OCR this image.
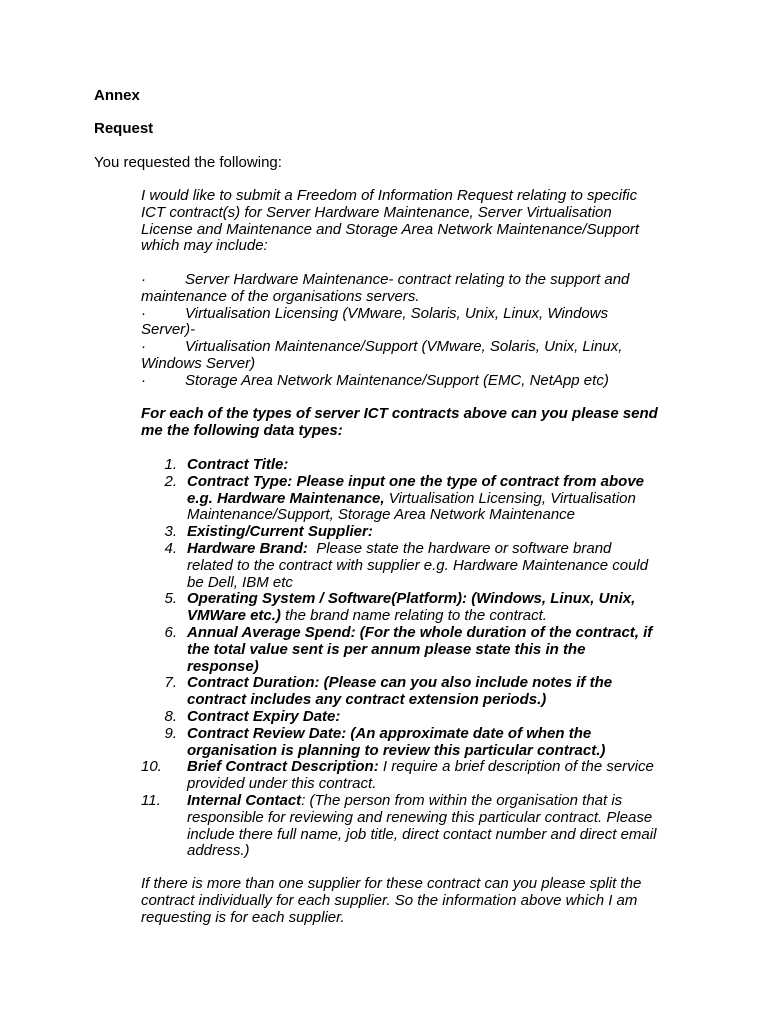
Annex
Request
You requested the following:
I would like to submit a Freedom of Information Request relating to specific
ICT contract(s) for Server Hardware Maintenance, Server Virtualisation
License and Maintenance and Storage Area Network Maintenance/Support
which may include:
·	Server Hardware Maintenance- contract relating to the support and
maintenance of the organisations servers.
·	Virtualisation Licensing (VMware, Solaris, Unix, Linux, Windows
Server)-
·	Virtualisation Maintenance/Support (VMware, Solaris, Unix, Linux,
Windows Server)
·	Storage Area Network Maintenance/Support (EMC, NetApp etc)
For each of the types of server ICT contracts above can you please send
me the following data types:
1. Contract Title:
2. Contract Type: Please input one the type of contract from above
e.g. Hardware Maintenance, Virtualisation Licensing, Virtualisation
Maintenance/Support, Storage Area Network Maintenance
3. Existing/Current Supplier:
4. Hardware Brand:  Please state the hardware or software brand
related to the contract with supplier e.g. Hardware Maintenance could
be Dell, IBM etc
5. Operating System / Software(Platform): (Windows, Linux, Unix,
VMWare etc.) the brand name relating to the contract.
6. Annual Average Spend: (For the whole duration of the contract, if
the total value sent is per annum please state this in the
response)
7. Contract Duration: (Please can you also include notes if the
contract includes any contract extension periods.)
8. Contract Expiry Date:
9. Contract Review Date: (An approximate date of when the
organisation is planning to review this particular contract.)
10.	Brief Contract Description: I require a brief description of the service
provided under this contract.
11.	Internal Contact: (The person from within the organisation that is
responsible for reviewing and renewing this particular contract. Please
include there full name, job title, direct contact number and direct email
address.)
If there is more than one supplier for these contract can you please split the
contract individually for each supplier. So the information above which I am
requesting is for each supplier.
